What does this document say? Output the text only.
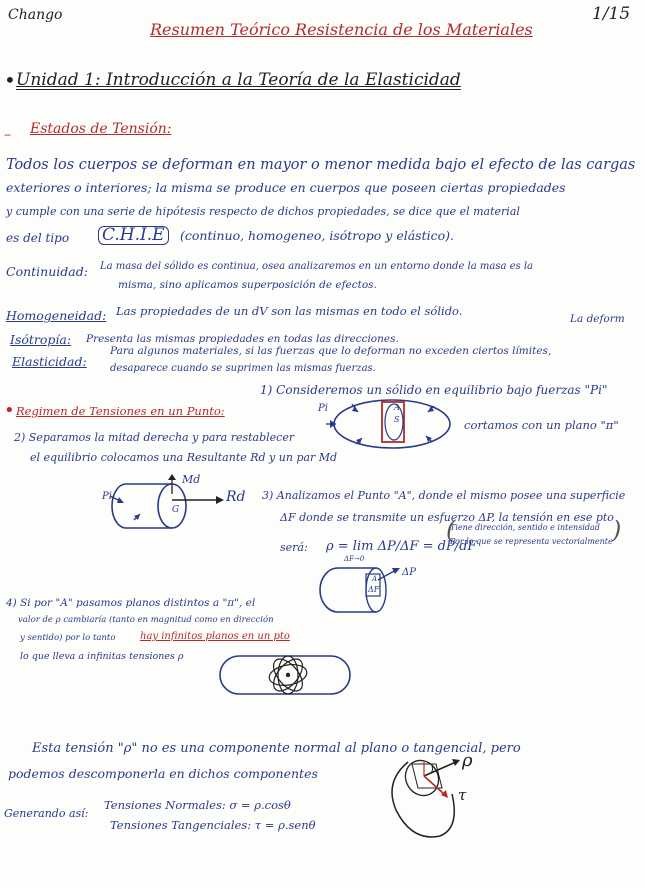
Chango
Resumen Teórico Resistencia de los Materiales
1/15
• Unidad 1: Introducción a la Teoría de la Elasticidad
– Estados de Tensión:
Todos los cuerpos se deforman en mayor o menor medida bajo el efecto de las cargas
exteriores o interiores; la misma se produce en cuerpos que poseen ciertas propiedades
y cumple con una serie de hipótesis respecto de dichos propiedades, se dice que el material
es del tipo C.H.I.E	(continuo, homogeneo, isótropo y elástico).
Continuidad: La masa del sólido es continua, osea analizaremos en un entorno donde la masa es la
misma, sino aplicamos superposición de efectos.
Homogeneidad: Las propiedades de un dV son las mismas en todo el sólido.
Isótropía: Presenta las mismas propiedades en todas las direcciones.
La deform
Elasticidad:
Para algunos materiales, si las fuerzas que lo deforman no exceden ciertos límites,
desaparece cuando se suprimen las mismas fuerzas.
• Regimen de Tensiones en un Punto:
1) Consideremos un sólido en equilibrio bajo fuerzas "Pi"
cortamos con un plano "π"
Pi	A
S
2) Separamos la mitad derecha y para restablecer
el equilibrio colocamos una Resultante Rd y un par Md
Pi
Md
Rd
G
3) Analizamos el Punto "A", donde el mismo posee una superficie
ΔF donde se transmite un esfuerzo ΔP, la tensión en ese pto
será: ρ = lim ΔP/ΔF = dP/dF
ΔF→0
Tiene dirección, sentido e intensidad
Por lo que se representa vectorialmente
(	)
ΔP
ΔF
A
4) Si por "A" pasamos planos distintos a "π", el
valor de ρ cambiaría (tanto en magnitud como en dirección
y sentido) por lo tanto hay infinitos planos en un pto
lo que lleva a infinitas tensiones ρ
Esta tensión "ρ" no es una componente normal al plano o tangencial, pero
podemos descomponerla en dichos componentes
Generando así:
Tensiones Normales: σ = ρ.cosθ
Tensiones Tangenciales: τ = ρ.senθ
ρ
τ
